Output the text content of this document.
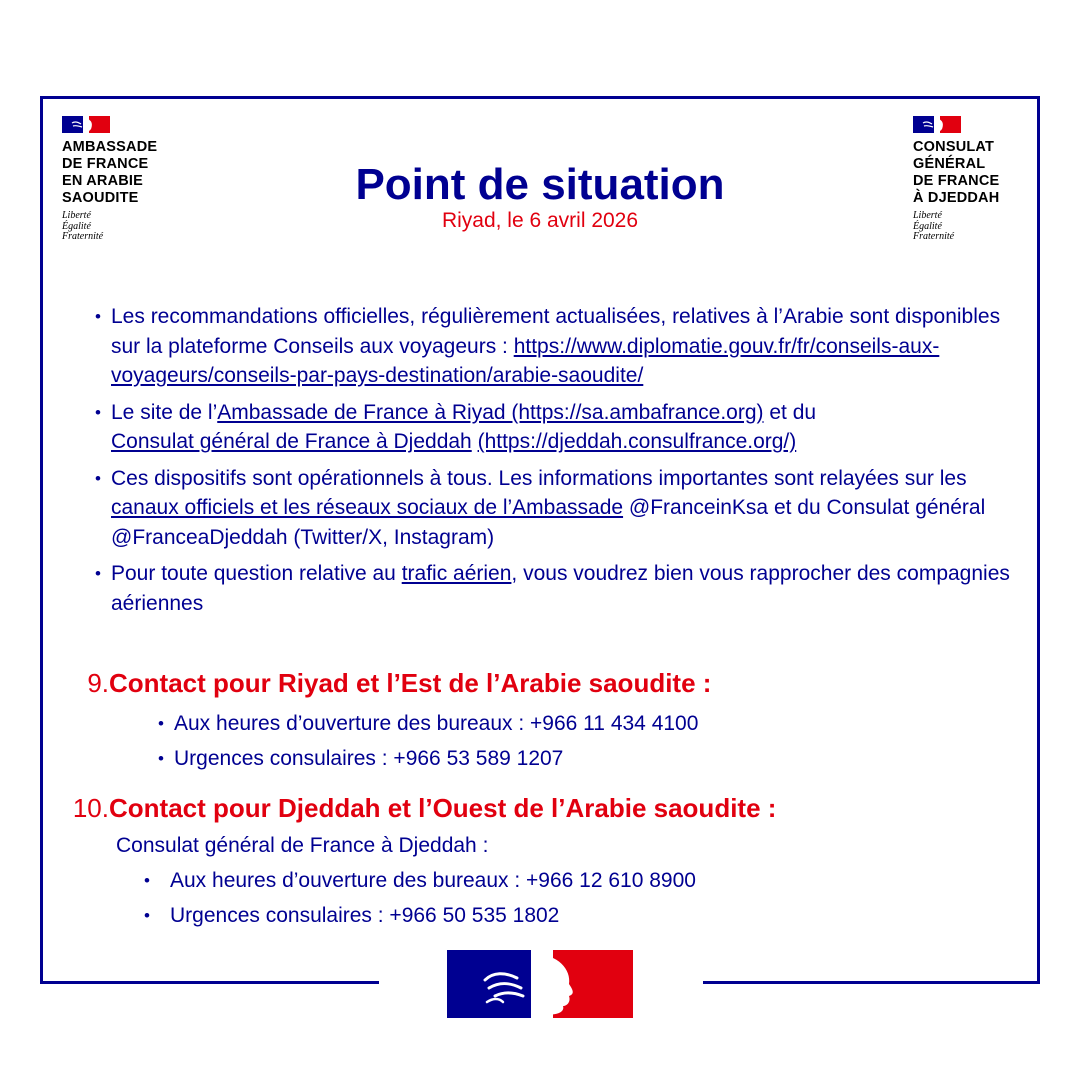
AMBASSADE
DE FRANCE
EN ARABIE
SAOUDITE
Liberté
Égalité
Fraternité
CONSULAT
GÉNÉRAL
DE FRANCE
À DJEDDAH
Liberté
Égalité
Fraternité
Point de situation
Riyad, le 6 avril 2026
• Les recommandations officielles, régulièrement actualisées, relatives à l’Arabie sont disponibles sur la plateforme Conseils aux voyageurs : https://www.diplomatie.gouv.fr/fr/conseils-aux-voyageurs/conseils-par-pays-destination/arabie-saoudite/
• Le site de l’Ambassade de France à Riyad (https://sa.ambafrance.org) et du
Consulat général de France à Djeddah (https://djeddah.consulfrance.org/)
• Ces dispositifs sont opérationnels à tous. Les informations importantes sont relayées sur les canaux officiels et les réseaux sociaux de l’Ambassade @FranceinKsa et du Consulat général @FranceaDjeddah (Twitter/X, Instagram)
• Pour toute question relative au trafic aérien, vous voudrez bien vous rapprocher des compagnies aériennes
9.Contact pour Riyad et l’Est de l’Arabie saoudite :
• Aux heures d’ouverture des bureaux : +966 11 434 4100
• Urgences consulaires : +966 53 589 1207
10.Contact pour Djeddah et l’Ouest de l’Arabie saoudite :
Consulat général de France à Djeddah :
• Aux heures d’ouverture des bureaux : +966 12 610 8900
• Urgences consulaires : +966 50 535 1802
